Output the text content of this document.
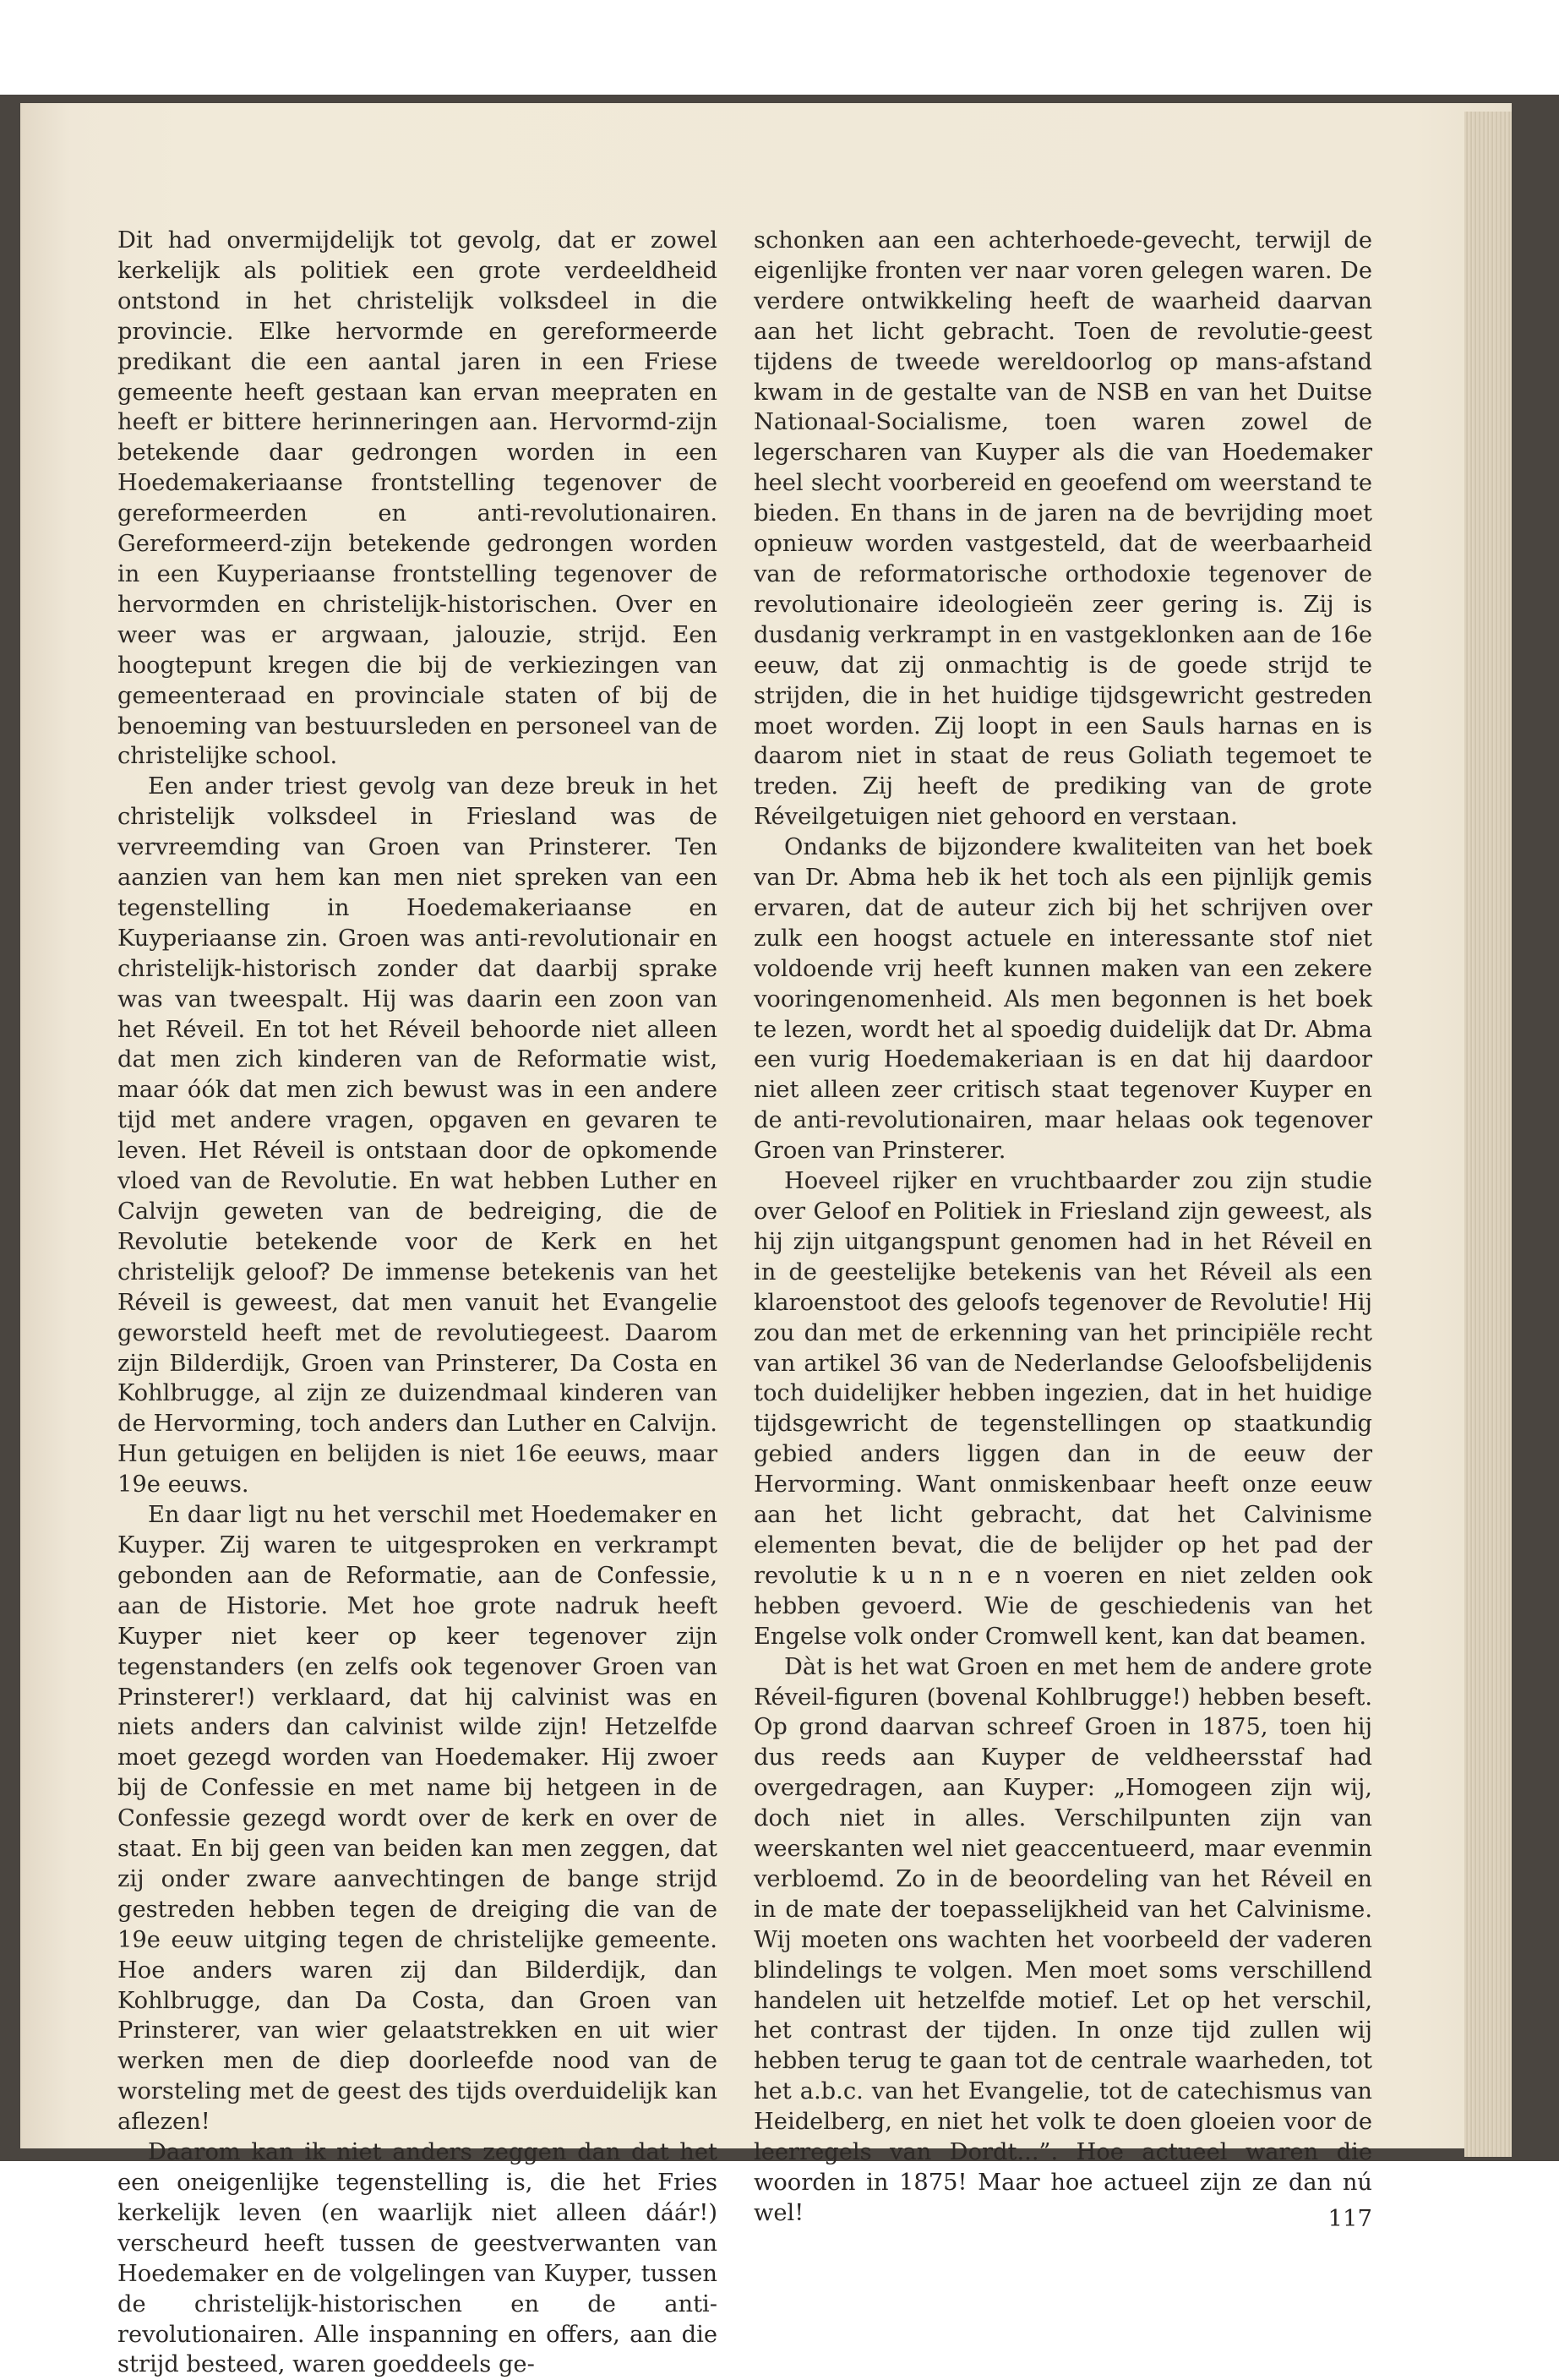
Dit had onvermijdelijk tot gevolg, dat er zowel kerkelijk als politiek een grote verdeeldheid ontstond in het christelijk volksdeel in die provincie. Elke hervormde en gereformeerde predikant die een aantal jaren in een Friese gemeente heeft gestaan kan ervan meepraten en heeft er bittere herinneringen aan. Hervormd-zijn betekende daar gedrongen worden in een Hoedemakeriaanse frontstelling tegenover de gereformeerden en anti-revolutionairen. Gereformeerd-zijn betekende gedrongen worden in een Kuyperiaanse frontstelling tegenover de hervormden en christelijk-historischen. Over en weer was er argwaan, jalouzie, strijd. Een hoogtepunt kregen die bij de verkiezingen van gemeenteraad en provinciale staten of bij de benoeming van bestuursleden en personeel van de christelijke school.

Een ander triest gevolg van deze breuk in het christelijk volksdeel in Friesland was de vervreemding van Groen van Prinsterer. Ten aanzien van hem kan men niet spreken van een tegenstelling in Hoedemakeriaanse en Kuyperiaanse zin. Groen was anti-revolutionair en christelijk-historisch zonder dat daarbij sprake was van tweespalt. Hij was daarin een zoon van het Réveil. En tot het Réveil behoorde niet alleen dat men zich kinderen van de Reformatie wist, maar óók dat men zich bewust was in een andere tijd met andere vragen, opgaven en gevaren te leven. Het Réveil is ontstaan door de opkomende vloed van de Revolutie. En wat hebben Luther en Calvijn geweten van de bedreiging, die de Revolutie betekende voor de Kerk en het christelijk geloof? De immense betekenis van het Réveil is geweest, dat men vanuit het Evangelie geworsteld heeft met de revolutiegeest. Daarom zijn Bilderdijk, Groen van Prinsterer, Da Costa en Kohlbrugge, al zijn ze duizendmaal kinderen van de Hervorming, toch anders dan Luther en Calvijn. Hun getuigen en belijden is niet 16e eeuws, maar 19e eeuws.

En daar ligt nu het verschil met Hoedemaker en Kuyper. Zij waren te uitgesproken en verkrampt gebonden aan de Reformatie, aan de Confessie, aan de Historie. Met hoe grote nadruk heeft Kuyper niet keer op keer tegenover zijn tegenstanders (en zelfs ook tegenover Groen van Prinsterer!) verklaard, dat hij calvinist was en niets anders dan calvinist wilde zijn! Hetzelfde moet gezegd worden van Hoedemaker. Hij zwoer bij de Confessie en met name bij hetgeen in de Confessie gezegd wordt over de kerk en over de staat. En bij geen van beiden kan men zeggen, dat zij onder zware aanvechtingen de bange strijd gestreden hebben tegen de dreiging die van de 19e eeuw uitging tegen de christelijke gemeente. Hoe anders waren zij dan Bilderdijk, dan Kohlbrugge, dan Da Costa, dan Groen van Prinsterer, van wier gelaatstrekken en uit wier werken men de diep doorleefde nood van de worsteling met de geest des tijds overduidelijk kan aflezen!

Daarom kan ik niet anders zeggen dan dat het een oneigenlijke tegenstelling is, die het Fries kerkelijk leven (en waarlijk niet alleen dáár!) verscheurd heeft tussen de geestverwanten van Hoedemaker en de volgelingen van Kuyper, tussen de christelijk-historischen en de anti-revolutionairen. Alle inspanning en offers, aan die strijd besteed, waren goeddeels ge-

schonken aan een achterhoede-gevecht, terwijl de eigenlijke fronten ver naar voren gelegen waren. De verdere ontwikkeling heeft de waarheid daarvan aan het licht gebracht. Toen de revolutie-geest tijdens de tweede wereldoorlog op mans-afstand kwam in de gestalte van de NSB en van het Duitse Nationaal-Socialisme, toen waren zowel de legerscharen van Kuyper als die van Hoedemaker heel slecht voorbereid en geoefend om weerstand te bieden. En thans in de jaren na de bevrijding moet opnieuw worden vastgesteld, dat de weerbaarheid van de reformatorische orthodoxie tegenover de revolutionaire ideologieën zeer gering is. Zij is dusdanig verkrampt in en vastgeklonken aan de 16e eeuw, dat zij onmachtig is de goede strijd te strijden, die in het huidige tijdsgewricht gestreden moet worden. Zij loopt in een Sauls harnas en is daarom niet in staat de reus Goliath tegemoet te treden. Zij heeft de prediking van de grote Réveilgetuigen niet gehoord en verstaan.

Ondanks de bijzondere kwaliteiten van het boek van Dr. Abma heb ik het toch als een pijnlijk gemis ervaren, dat de auteur zich bij het schrijven over zulk een hoogst actuele en interessante stof niet voldoende vrij heeft kunnen maken van een zekere vooringenomenheid. Als men begonnen is het boek te lezen, wordt het al spoedig duidelijk dat Dr. Abma een vurig Hoedemakeriaan is en dat hij daardoor niet alleen zeer critisch staat tegenover Kuyper en de anti-revolutionairen, maar helaas ook tegenover Groen van Prinsterer.

Hoeveel rijker en vruchtbaarder zou zijn studie over Geloof en Politiek in Friesland zijn geweest, als hij zijn uitgangspunt genomen had in het Réveil en in de geestelijke betekenis van het Réveil als een klaroenstoot des geloofs tegenover de Revolutie! Hij zou dan met de erkenning van het principiële recht van artikel 36 van de Nederlandse Geloofsbelijdenis toch duidelijker hebben ingezien, dat in het huidige tijdsgewricht de tegenstellingen op staatkundig gebied anders liggen dan in de eeuw der Hervorming. Want onmiskenbaar heeft onze eeuw aan het licht gebracht, dat het Calvinisme elementen bevat, die de belijder op het pad der revolutie k u n n e n voeren en niet zelden ook hebben gevoerd. Wie de geschiedenis van het Engelse volk onder Cromwell kent, kan dat beamen.

Dàt is het wat Groen en met hem de andere grote Réveil-figuren (bovenal Kohlbrugge!) hebben beseft. Op grond daarvan schreef Groen in 1875, toen hij dus reeds aan Kuyper de veldheersstaf had overgedragen, aan Kuyper: „Homogeen zijn wij, doch niet in alles. Verschilpunten zijn van weerskanten wel niet geaccentueerd, maar evenmin verbloemd. Zo in de beoordeling van het Réveil en in de mate der toepasselijkheid van het Calvinisme. Wij moeten ons wachten het voorbeeld der vaderen blindelings te volgen. Men moet soms verschillend handelen uit hetzelfde motief. Let op het verschil, het contrast der tijden. In onze tijd zullen wij hebben terug te gaan tot de centrale waarheden, tot het a.b.c. van het Evangelie, tot de catechismus van Heidelberg, en niet het volk te doen gloeien voor de leerregels van Dordt...”. Hoe actueel waren die woorden in 1875! Maar hoe actueel zijn ze dan nú wel!	117
